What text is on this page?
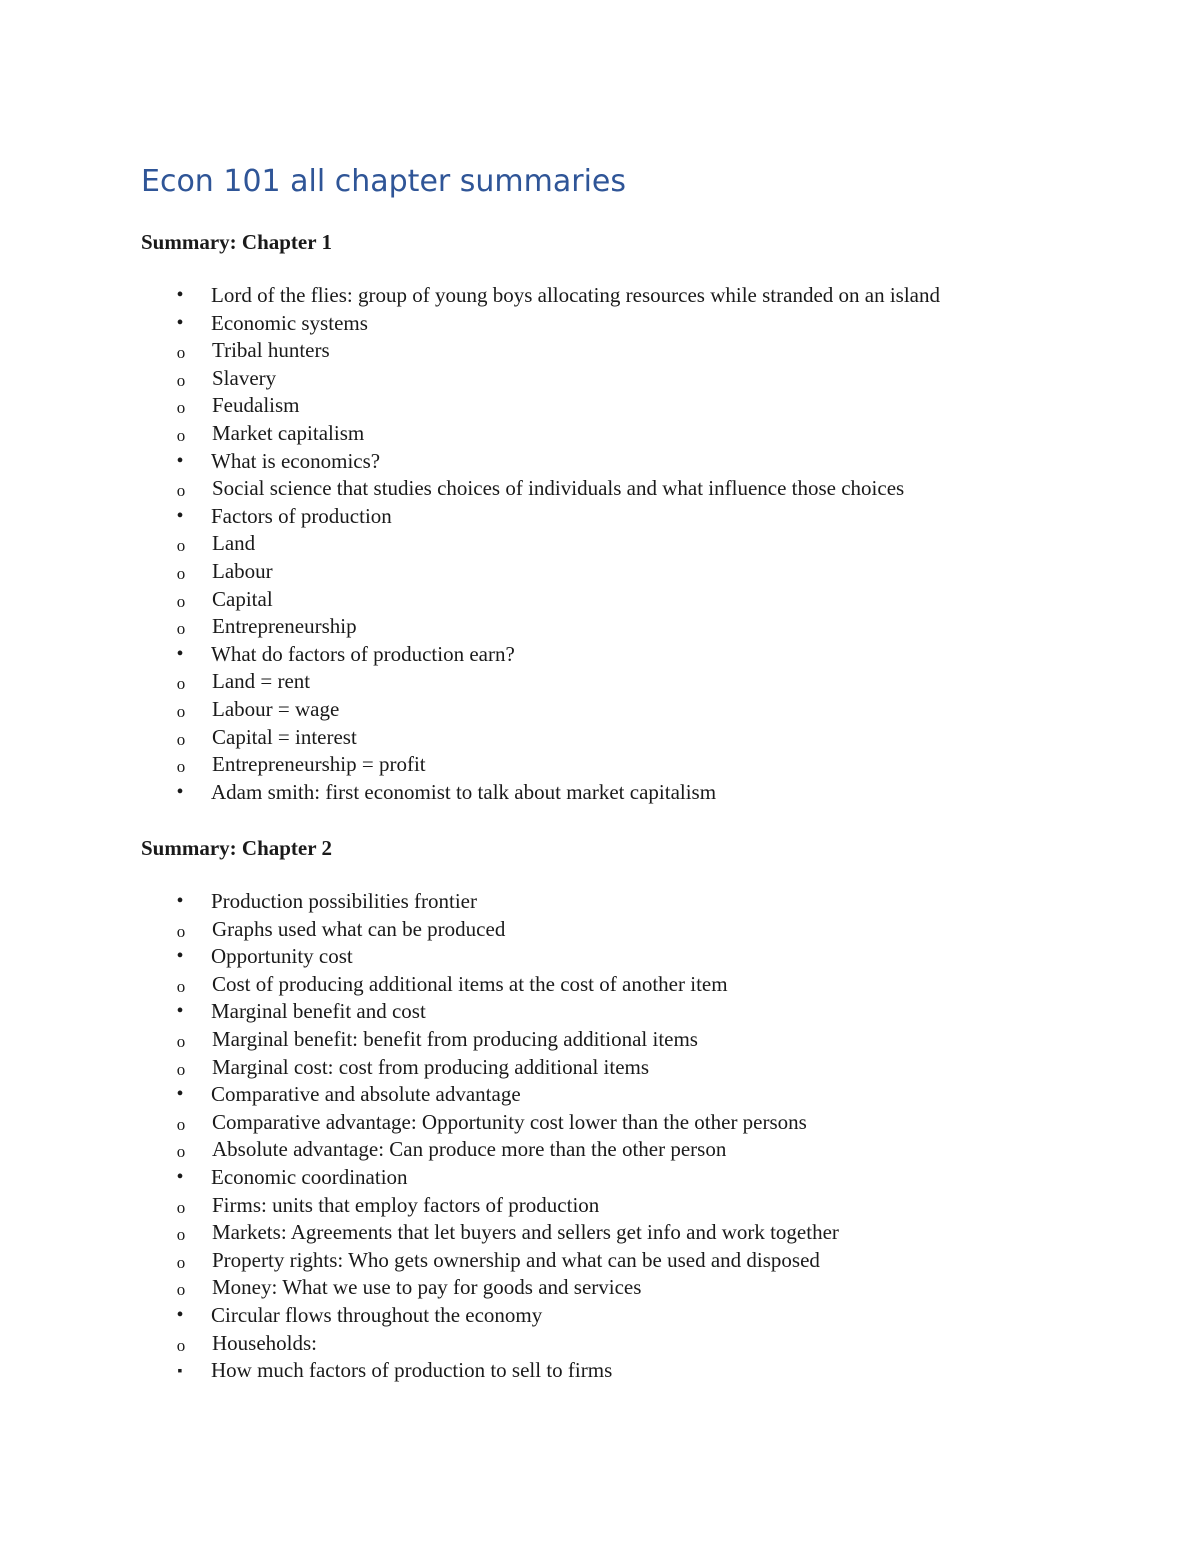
Econ 101 all chapter summaries
Summary: Chapter 1
•	Lord of the flies: group of young boys allocating resources while stranded on an island
•	Economic systems
o Tribal hunters
o Slavery
o Feudalism
o Market capitalism
•	What is economics?
o Social science that studies choices of individuals and what influence those choices
•	Factors of production
o Land
o Labour
o Capital
o Entrepreneurship
•	What do factors of production earn?
o Land = rent
o Labour = wage
o Capital = interest
o Entrepreneurship = profit
•	Adam smith: first economist to talk about market capitalism
Summary: Chapter 2
•	Production possibilities frontier
o Graphs used what can be produced
•	Opportunity cost
o Cost of producing additional items at the cost of another item
•	Marginal benefit and cost
o Marginal benefit: benefit from producing additional items
o Marginal cost: cost from producing additional items
•	Comparative and absolute advantage
o Comparative advantage: Opportunity cost lower than the other persons
o Absolute advantage: Can produce more than the other person
•	Economic coordination
o Firms: units that employ factors of production
o Markets: Agreements that let buyers and sellers get info and work together
o Property rights: Who gets ownership and what can be used and disposed
o Money: What we use to pay for goods and services
•	Circular flows throughout the economy
o Households:
▪	How much factors of production to sell to firms
